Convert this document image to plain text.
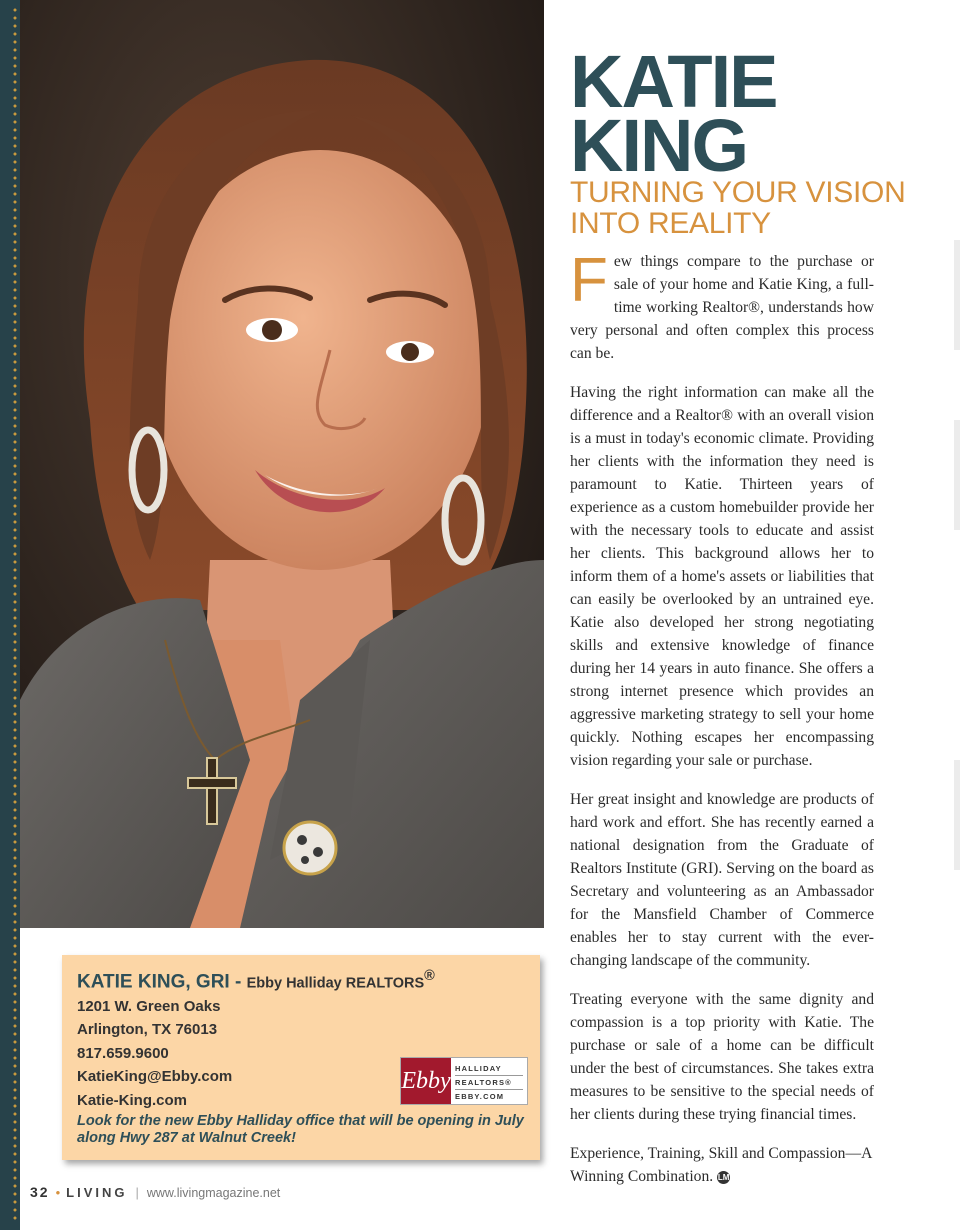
KATIE
KING
TURNING YOUR VISION
INTO REALITY

Few things compare to the purchase or sale of your home and Katie King, a full-time working Realtor®, understands how very personal and often complex this process can be.

Having the right information can make all the difference and a Realtor® with an overall vision is a must in today's economic climate. Providing her clients with the information they need is paramount to Katie. Thirteen years of experience as a custom homebuilder provide her with the necessary tools to educate and assist her clients. This background allows her to inform them of a home's assets or liabilities that can easily be overlooked by an untrained eye. Katie also developed her strong negotiating skills and extensive knowledge of finance during her 14 years in auto finance. She offers a strong internet presence which provides an aggressive marketing strategy to sell your home quickly. Nothing escapes her encompassing vision regarding your sale or purchase.

Her great insight and knowledge are products of hard work and effort. She has recently earned a national designation from the Graduate of Realtors Institute (GRI). Serving on the board as Secretary and volunteering as an Ambassador for the Mansfield Chamber of Commerce enables her to stay current with the ever-changing landscape of the community.

Treating everyone with the same dignity and compassion is a top priority with Katie. The purchase or sale of a home can be difficult under the best of circumstances. She takes extra measures to be sensitive to the special needs of her clients during these trying financial times.

Experience, Training, Skill and Compassion—A Winning Combination. LM

KATIE KING, GRI - Ebby Halliday REALTORS®
1201 W. Green Oaks
Arlington, TX 76013
817.659.9600
KatieKing@Ebby.com
Katie-King.com
Ebby HALLIDAY
REALTORS®
EBBY.COM
Look for the new Ebby Halliday office that will be opening in July along Hwy 287 at Walnut Creek!
32 • LIVING | www.livingmagazine.net
